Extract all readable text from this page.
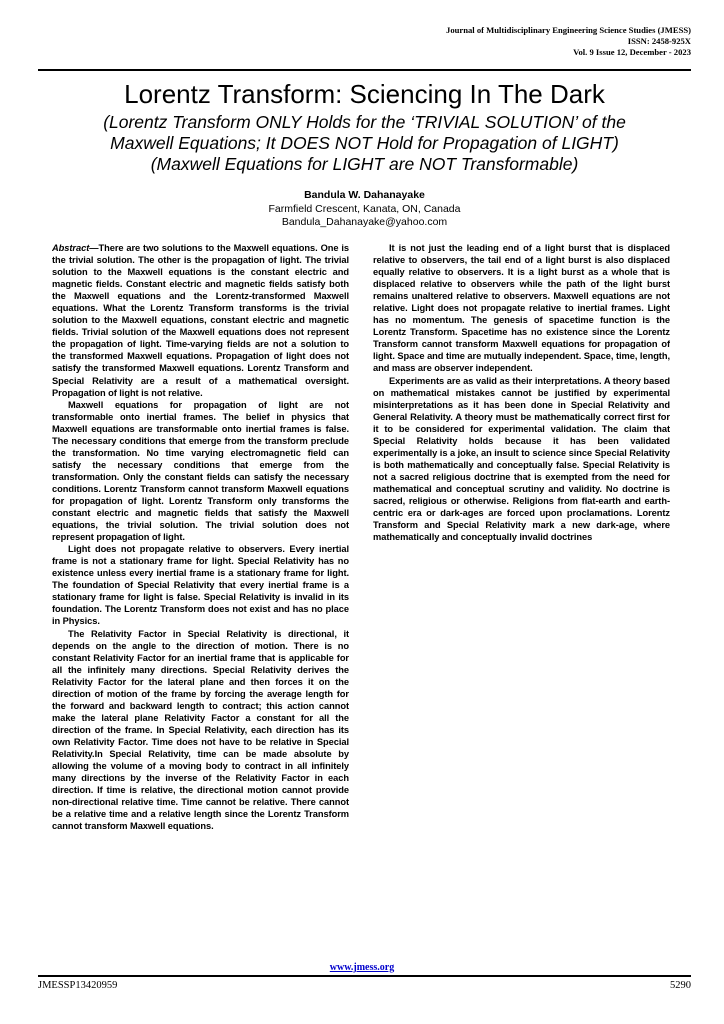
Journal of Multidisciplinary Engineering Science Studies (JMESS)
ISSN: 2458-925X
Vol. 9 Issue 12, December - 2023
Lorentz Transform: Sciencing In The Dark
(Lorentz Transform ONLY Holds for the ‘TRIVIAL SOLUTION’ of the
Maxwell Equations; It DOES NOT Hold for Propagation of LIGHT)
(Maxwell Equations for LIGHT are NOT Transformable)
Bandula W. Dahanayake
Farmfield Crescent, Kanata, ON, Canada
Bandula_Dahanayake@yahoo.com

Abstract—There are two solutions to the Maxwell equations. One is the trivial solution. The other is the propagation of light. The trivial solution to the Maxwell equations is the constant electric and magnetic fields. Constant electric and magnetic fields satisfy both the Maxwell equations and the Lorentz-transformed Maxwell equations. What the Lorentz Transform transforms is the trivial solution to the Maxwell equations, constant electric and magnetic fields. Trivial solution of the Maxwell equations does not represent the propagation of light. Time-varying fields are not a solution to the transformed Maxwell equations. Propagation of light does not satisfy the transformed Maxwell equations. Lorentz Transform and Special Relativity are a result of a mathematical oversight. Propagation of light is not relative.

Maxwell equations for propagation of light are not transformable onto inertial frames. The belief in physics that Maxwell equations are transformable onto inertial frames is false. The necessary conditions that emerge from the transform preclude the transformation. No time varying electromagnetic field can satisfy the necessary conditions that emerge from the transformation. Only the constant fields can satisfy the necessary conditions. Lorentz Transform cannot transform Maxwell equations for propagation of light. Lorentz Transform only transforms the constant electric and magnetic fields that satisfy the Maxwell equations, the trivial solution. The trivial solution does not represent propagation of light.

Light does not propagate relative to observers. Every inertial frame is not a stationary frame for light. Special Relativity has no existence unless every inertial frame is a stationary frame for light. The foundation of Special Relativity that every inertial frame is a stationary frame for light is false. Special Relativity is invalid in its foundation. The Lorentz Transform does not exist and has no place in Physics.

The Relativity Factor in Special Relativity is directional, it depends on the angle to the direction of motion. There is no constant Relativity Factor for an inertial frame that is applicable for all the infinitely many directions. Special Relativity derives the Relativity Factor for the lateral plane and then forces it on the direction of motion of the frame by forcing the average length for the forward and backward length to contract; this action cannot make the lateral plane Relativity Factor a constant for all the direction of the frame. In Special Relativity, each direction has its own Relativity Factor. Time does not have to be relative in Special Relativity.In Special Relativity, time can be made absolute by allowing the volume of a moving body to contract in all infinitely many directions by the inverse of the Relativity Factor in each direction. If time is relative, the directional motion cannot provide non-directional relative time. Time cannot be relative. There cannot be a relative time and a relative length since the Lorentz Transform cannot transform Maxwell equations.

It is not just the leading end of a light burst that is displaced relative to observers, the tail end of a light burst is also displaced equally relative to observers. It is a light burst as a whole that is displaced relative to observers while the path of the light burst remains unaltered relative to observers. Maxwell equations are not relative. Light does not propagate relative to inertial frames. Light has no momentum. The genesis of spacetime function is the Lorentz Transform. Spacetime has no existence since the Lorentz Transform cannot transform Maxwell equations for propagation of light. Space and time are mutually independent. Space, time, length, and mass are observer independent.

Experiments are as valid as their interpretations. A theory based on mathematical mistakes cannot be justified by experimental misinterpretations as it has been done in Special Relativity and General Relativity. A theory must be mathematically correct first for it to be considered for experimental validation. The claim that Special Relativity holds because it has been validated experimentally is a joke, an insult to science since Special Relativity is both mathematically and conceptually false. Special Relativity is not a sacred religious doctrine that is exempted from the need for mathematical and conceptual scrutiny and validity. No doctrine is sacred, religious or otherwise. Religions from flat-earth and earth-centric era or dark-ages are forced upon proclamations. Lorentz Transform and Special Relativity mark a new dark-age, where mathematically and conceptually invalid doctrines

www.jmess.org
JMESSP13420959	5290
